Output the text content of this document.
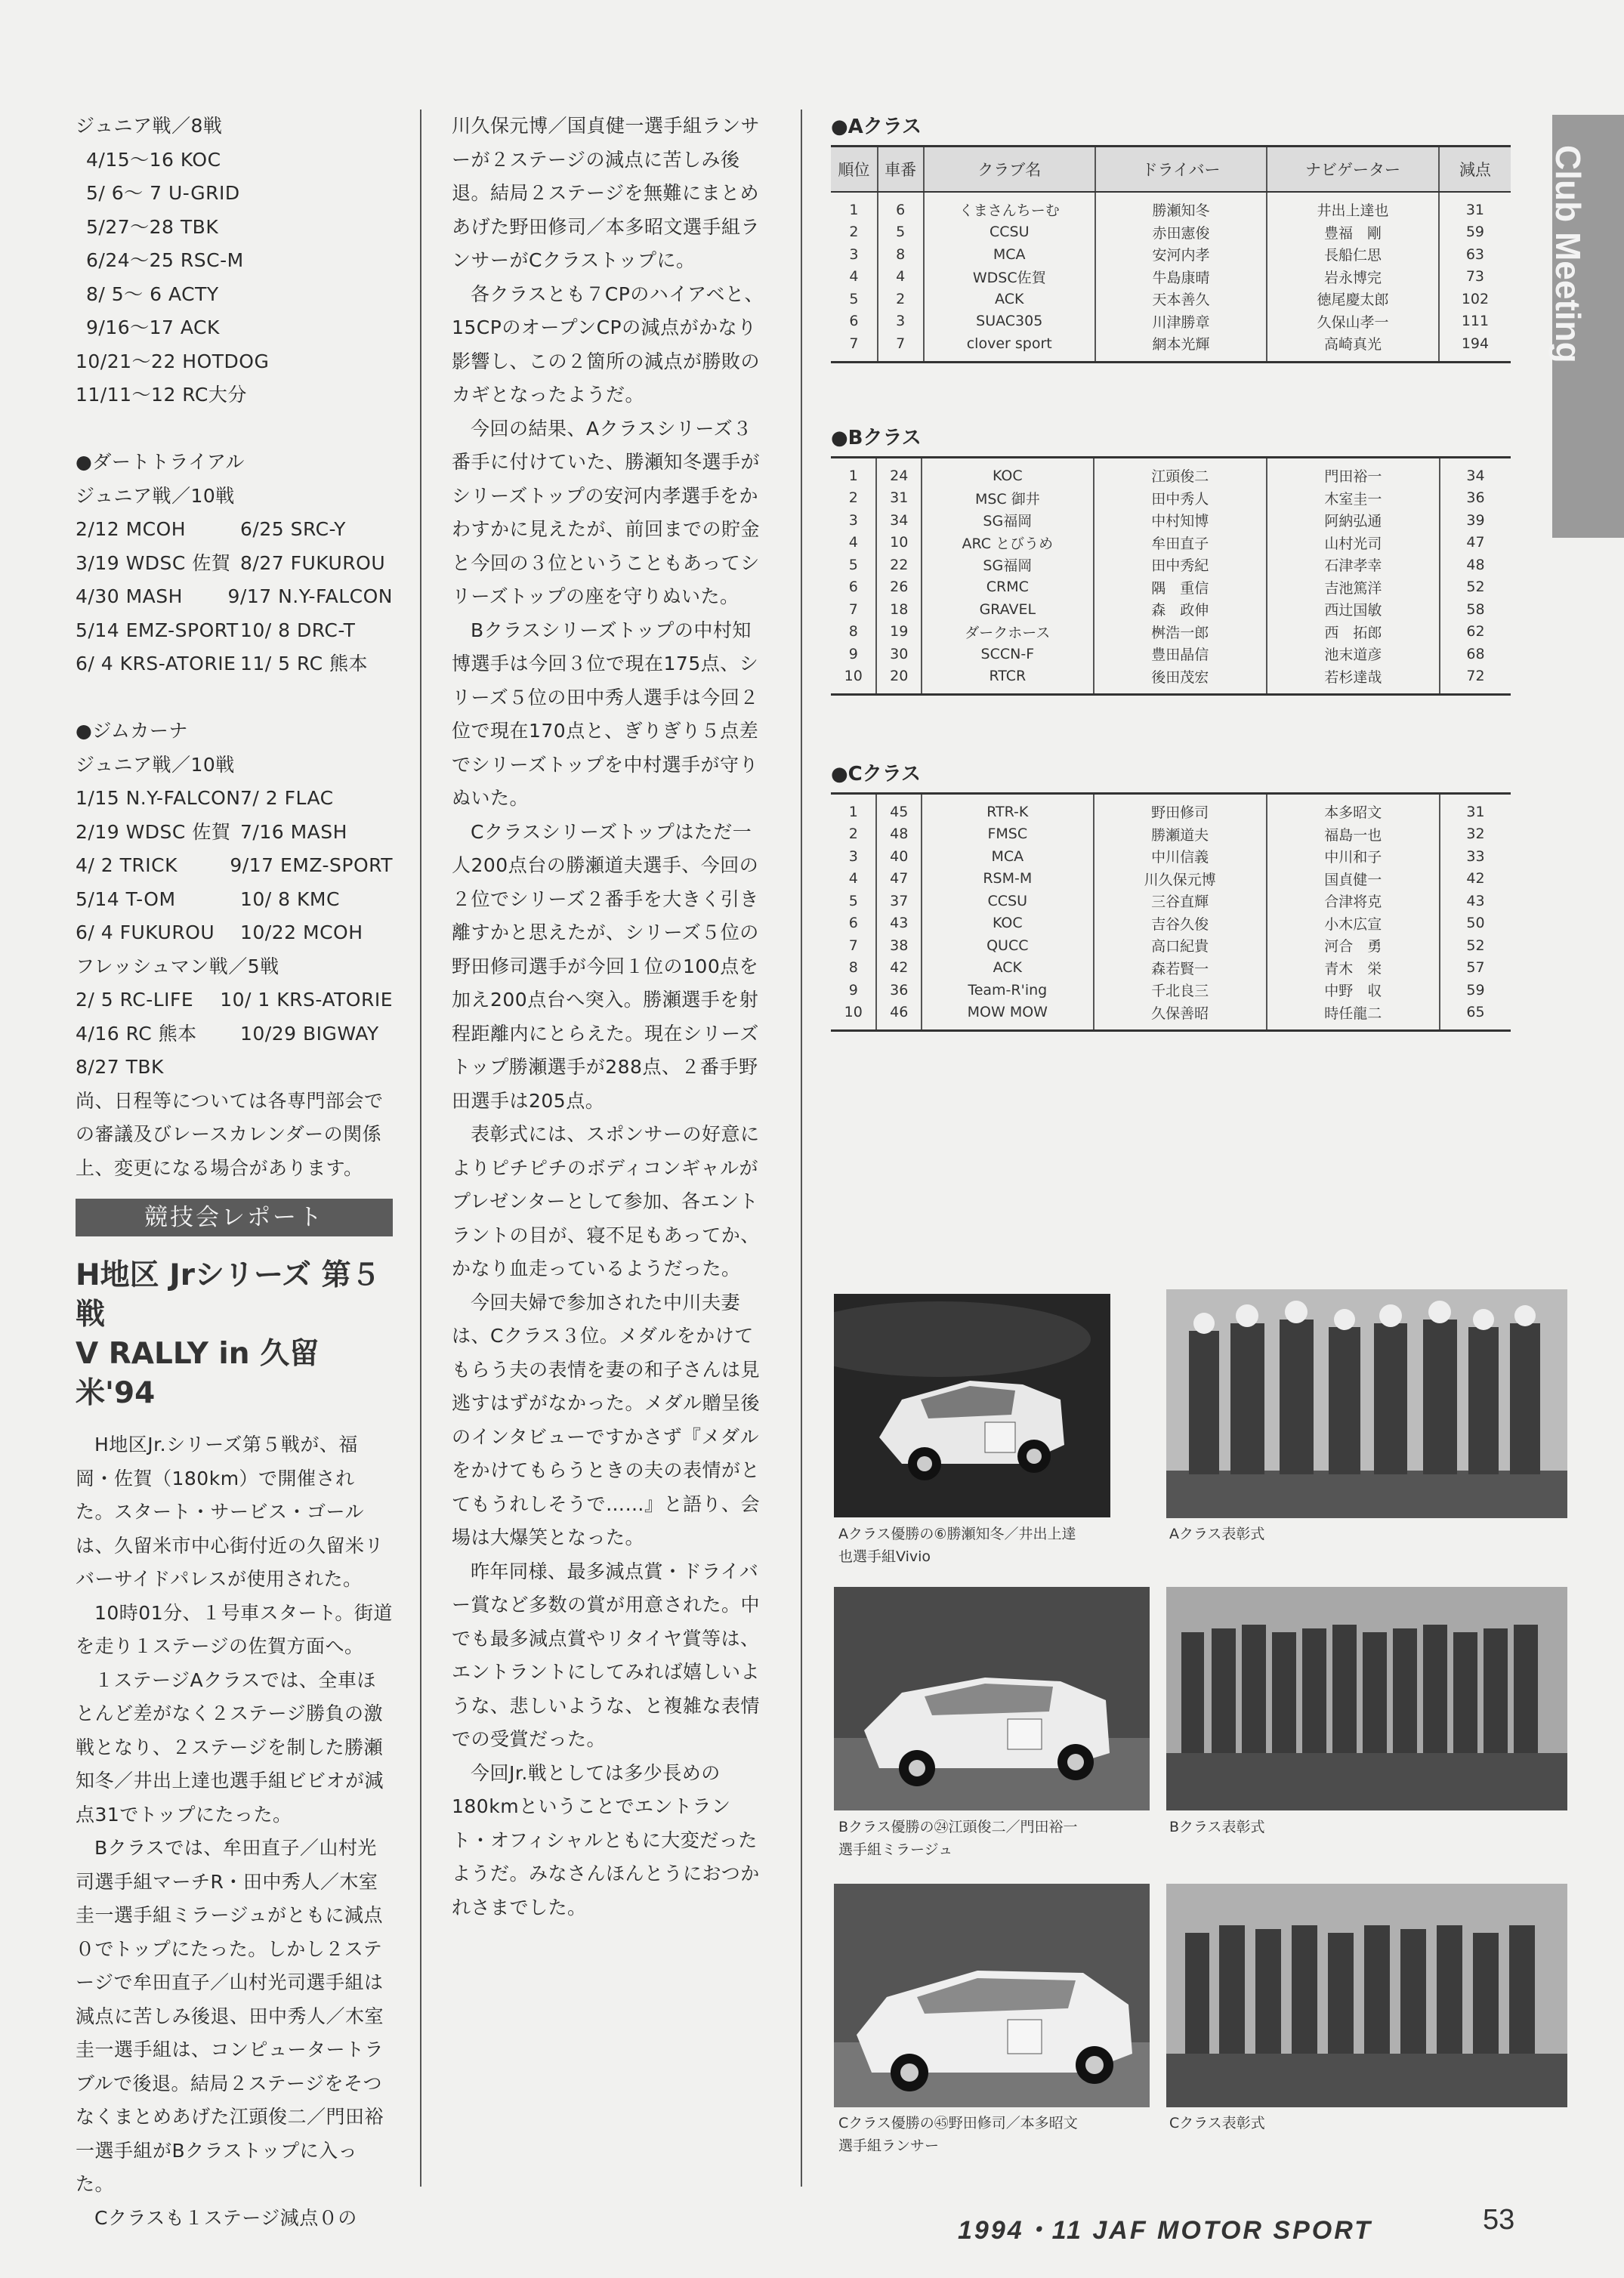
ジュニア戦／8戦

4/15〜16 KOC

5/ 6〜 7 U-GRID

5/27〜28 TBK

6/24〜25 RSC-M

8/ 5〜 6 ACTY

9/16〜17 ACK

10/21〜22 HOTDOG

11/11〜12 RC大分

●ダートトライアル

ジュニア戦／10戦

2/12 MCOH	6/25 SRC-Y
3/19 WDSC 佐賀 8/27 FUKUROU
4/30 MASH	9/17 N.Y-FALCON
5/14 EMZ-SPORT 10/ 8 DRC-T
6/ 4 KRS-ATORIE 11/ 5 RC 熊本

●ジムカーナ

ジュニア戦／10戦

1/15 N.Y-FALCON 7/ 2 FLAC
2/19 WDSC 佐賀 7/16 MASH
4/ 2 TRICK	9/17 EMZ-SPORT
5/14 T-OM	10/ 8 KMC
6/ 4 FUKUROU	10/22 MCOH

フレッシュマン戦／5戦

2/ 5 RC-LIFE	10/ 1 KRS-ATORIE
4/16 RC 熊本	10/29 BIGWAY

8/27 TBK

尚、日程等については各専門部会での審議及びレースカレンダーの関係上、変更になる場合があります。

競技会レポート
H地区 Jrシリーズ 第５戦
V RALLY in 久留米'94

H地区Jr.シリーズ第５戦が、福岡・佐賀（180km）で開催された。スタート・サービス・ゴールは、久留米市中心街付近の久留米リバーサイドパレスが使用された。

10時01分、１号車スタート。街道を走り１ステージの佐賀方面へ。

１ステージAクラスでは、全車ほとんど差がなく２ステージ勝負の激戦となり、２ステージを制した勝瀬知冬／井出上達也選手組ビビオが減点31でトップにたった。

Bクラスでは、牟田直子／山村光司選手組マーチR・田中秀人／木室圭一選手組ミラージュがともに減点０でトップにたった。しかし２ステージで牟田直子／山村光司選手組は減点に苦しみ後退、田中秀人／木室圭一選手組は、コンピュータートラブルで後退。結局２ステージをそつなくまとめあげた江頭俊二／門田裕一選手組がBクラストップに入った。

Cクラスも１ステージ減点０の

川久保元博／国貞健一選手組ランサーが２ステージの減点に苦しみ後退。結局２ステージを無難にまとめあげた野田修司／本多昭文選手組ランサーがCクラストップに。

各クラスとも７CPのハイアベと、15CPのオープンCPの減点がかなり影響し、この２箇所の減点が勝敗のカギとなったようだ。

今回の結果、Aクラスシリーズ３番手に付けていた、勝瀬知冬選手がシリーズトップの安河内孝選手をかわすかに見えたが、前回までの貯金と今回の３位ということもあってシリーズトップの座を守りぬいた。

Bクラスシリーズトップの中村知博選手は今回３位で現在175点、シリーズ５位の田中秀人選手は今回２位で現在170点と、ぎりぎり５点差でシリーズトップを中村選手が守りぬいた。

Cクラスシリーズトップはただ一人200点台の勝瀬道夫選手、今回の２位でシリーズ２番手を大きく引き離すかと思えたが、シリーズ５位の野田修司選手が今回１位の100点を加え200点台へ突入。勝瀬選手を射程距離内にとらえた。現在シリーズトップ勝瀬選手が288点、２番手野田選手は205点。

表彰式には、スポンサーの好意によりピチピチのボディコンギャルがプレゼンターとして参加、各エントラントの目が、寝不足もあってか、かなり血走っているようだった。

今回夫婦で参加された中川夫妻は、Cクラス３位。メダルをかけてもらう夫の表情を妻の和子さんは見逃すはずがなかった。メダル贈呈後のインタビューですかさず『メダルをかけてもらうときの夫の表情がとてもうれしそうで……』と語り、会場は大爆笑となった。

昨年同様、最多減点賞・ドライバー賞など多数の賞が用意された。中でも最多減点賞やリタイヤ賞等は、エントラントにしてみれば嬉しいような、悲しいような、と複雑な表情での受賞だった。

今回Jr.戦としては多少長めの180kmということでエントラント・オフィシャルともに大変だったようだ。みなさんほんとうにおつかれさまでした。

Club Meeting
●Aクラス
順位	車番	クラブ名	ドライバー	ナビゲーター	減点
1	6	くまさんちーむ	勝瀬知冬	井出上達也	31
2	5	CCSU	赤田憲俊	豊福　剛	59
3	8	MCA	安河内孝	長船仁思	63
4	4	WDSC佐賀	牛島康晴	岩永博完	73
5	2	ACK	天本善久	徳尾慶太郎	102
6	3	SUAC305	川津勝章	久保山孝一	111
7	7	clover sport	網本光輝	高崎真光	194
●Bクラス
1	24	KOC	江頭俊二	門田裕一	34
2	31	MSC 御井	田中秀人	木室圭一	36
3	34	SG福岡	中村知博	阿納弘通	39
4	10	ARC とびうめ	牟田直子	山村光司	47
5	22	SG福岡	田中秀紀	石津孝幸	48
6	26	CRMC	隅　重信	吉池篤洋	52
7	18	GRAVEL	森　政伸	西辻国敏	58
8	19	ダークホース	桝浩一郎	西　拓郎	62
9	30	SCCN-F	豊田晶信	池末道彦	68
10	20	RTCR	後田茂宏	若杉達哉	72
●Cクラス
1	45	RTR-K	野田修司	本多昭文	31
2	48	FMSC	勝瀬道夫	福島一也	32
3	40	MCA	中川信義	中川和子	33
4	47	RSM-M	川久保元博	国貞健一	42
5	37	CCSU	三谷直輝	合津将克	43
6	43	KOC	吉谷久俊	小木広宣	50
7	38	QUCC	高口紀貴	河合　勇	52
8	42	ACK	森若賢一	青木　栄	57
9	36	Team-R'ing	千北良三	中野　収	59
10	46	MOW MOW	久保善昭	時任龍二	65
Aクラス優勝の⑥勝瀬知冬／井出上達
也選手組Vivio
Aクラス表彰式
Bクラス優勝の㉔江頭俊二／門田裕一
選手組ミラージュ
Bクラス表彰式
Cクラス優勝の㊺野田修司／本多昭文
選手組ランサー
Cクラス表彰式
1994・11 JAF MOTOR SPORT	53
